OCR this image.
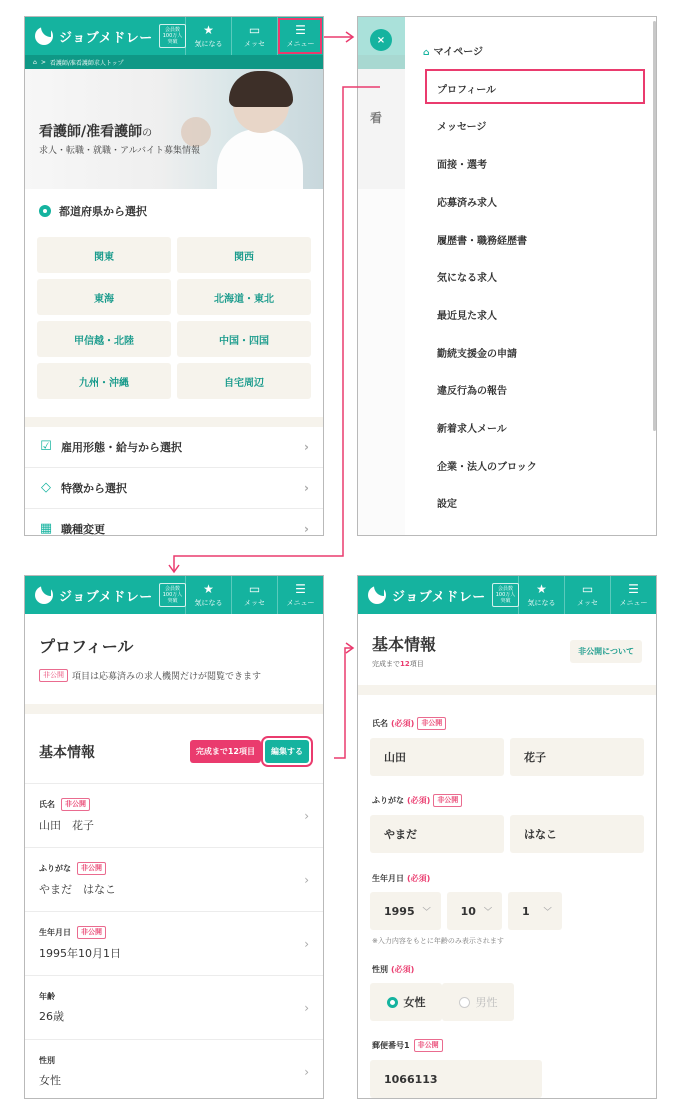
ジョブメドレー
会員数
100万人
突破
★
気になる
▭
メッセ
☰
メニュー
⌂ > 看護師/准看護師求人トップ
看護師/准看護師の
求人・転職・就職・アルバイト募集情報
都道府県から選択
関東	関西
東海	北海道・東北
甲信越・北陸	中国・四国
九州・沖縄	自宅周辺
☑ 雇用形態・給与から選択	›
◇ 特徴から選択	›
▦ 職種変更	›
看
×
⌂ マイページ
プロフィール
メッセージ
面接・選考
応募済み求人
履歴書・職務経歴書
気になる求人
最近見た求人
勤続支援金の申請
違反行為の報告
新着求人メール
企業・法人のブロック
設定
ジョブメドレー
会員数
100万人
突破
★
気になる
▭
メッセ
☰
メニュー
プロフィール
非公開 項目は応募済みの求人機関だけが閲覧できます
基本情報	完成まで12項目	編集する
氏名	非公開
山田　花子
›
ふりがな	非公開
やまだ　はなこ
›
生年月日	非公開
1995年10月1日
›
年齢
26歳
›
性別
女性
›
ジョブメドレー
会員数
100万人
突破
★
気になる
▭
メッセ
☰
メニュー
基本情報
完成まで12項目
非公開について
氏名 (必須)	非公開
山田	花子
ふりがな (必須)	非公開
やまだ	はなこ
生年月日 (必須)
1995 ﹀	10 ﹀	1 ﹀
※入力内容をもとに年齢のみ表示されます
性別 (必須)
女性	男性
郵便番号1	非公開
1066113
